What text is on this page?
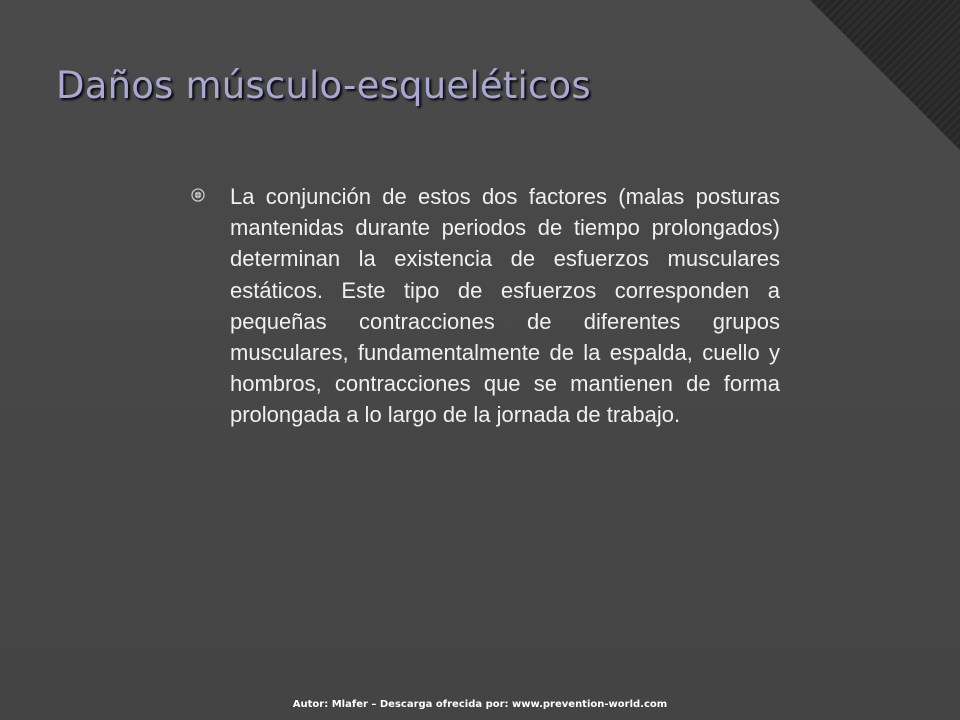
Daños músculo-esqueléticos

La conjunción de estos dos factores (malas posturas mantenidas durante periodos de tiempo prolongados) determinan la existencia de esfuerzos musculares estáticos. Este tipo de esfuerzos corresponden a pequeñas contracciones de diferentes grupos musculares, fundamentalmente de la espalda, cuello y hombros, contracciones que se mantienen de forma prolongada a lo largo de la jornada de trabajo.

Autor: Mlafer – Descarga ofrecida por: www.prevention-world.com
